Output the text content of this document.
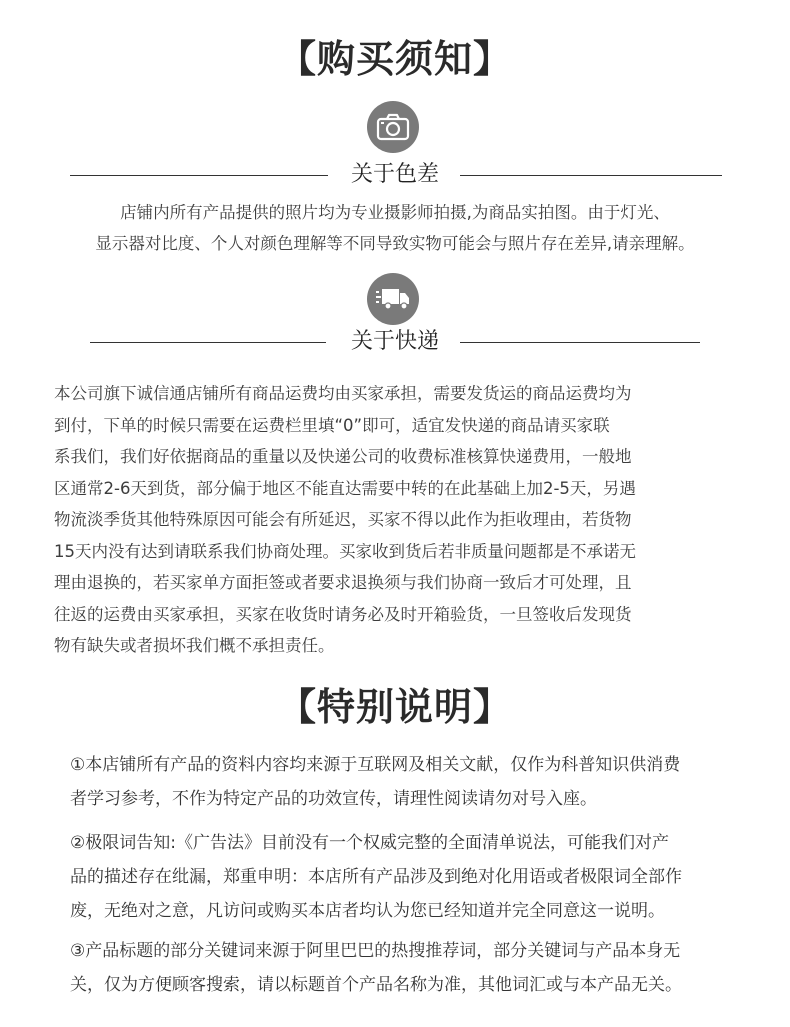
【购买须知】
关于色差
店铺内所有产品提供的照片均为专业摄影师拍摄,为商品实拍图。由于灯光、
显示器对比度、个人对颜色理解等不同导致实物可能会与照片存在差异,请亲理解。
关于快递
本公司旗下诚信通店铺所有商品运费均由买家承担，需要发货运的商品运费均为
到付，下单的时候只需要在运费栏里填“0”即可，适宜发快递的商品请买家联
系我们，我们好依据商品的重量以及快递公司的收费标准核算快递费用，一般地
区通常2-6天到货，部分偏于地区不能直达需要中转的在此基础上加2-5天，另遇
物流淡季货其他特殊原因可能会有所延迟，买家不得以此作为拒收理由，若货物
15天内没有达到请联系我们协商处理。买家收到货后若非质量问题都是不承诺无
理由退换的，若买家单方面拒签或者要求退换须与我们协商一致后才可处理，且
往返的运费由买家承担，买家在收货时请务必及时开箱验货，一旦签收后发现货
物有缺失或者损坏我们概不承担责任。
【特别说明】
①本店铺所有产品的资料内容均来源于互联网及相关文献，仅作为科普知识供消费
者学习参考，不作为特定产品的功效宣传，请理性阅读请勿对号入座。
②极限词告知:《广告法》目前没有一个权威完整的全面清单说法，可能我们对产
品的描述存在纰漏，郑重申明：本店所有产品涉及到绝对化用语或者极限词全部作
废，无绝对之意，凡访问或购买本店者均认为您已经知道并完全同意这一说明。
③产品标题的部分关键词来源于阿里巴巴的热搜推荐词，部分关键词与产品本身无
关，仅为方便顾客搜索，请以标题首个产品名称为准，其他词汇或与本产品无关。
